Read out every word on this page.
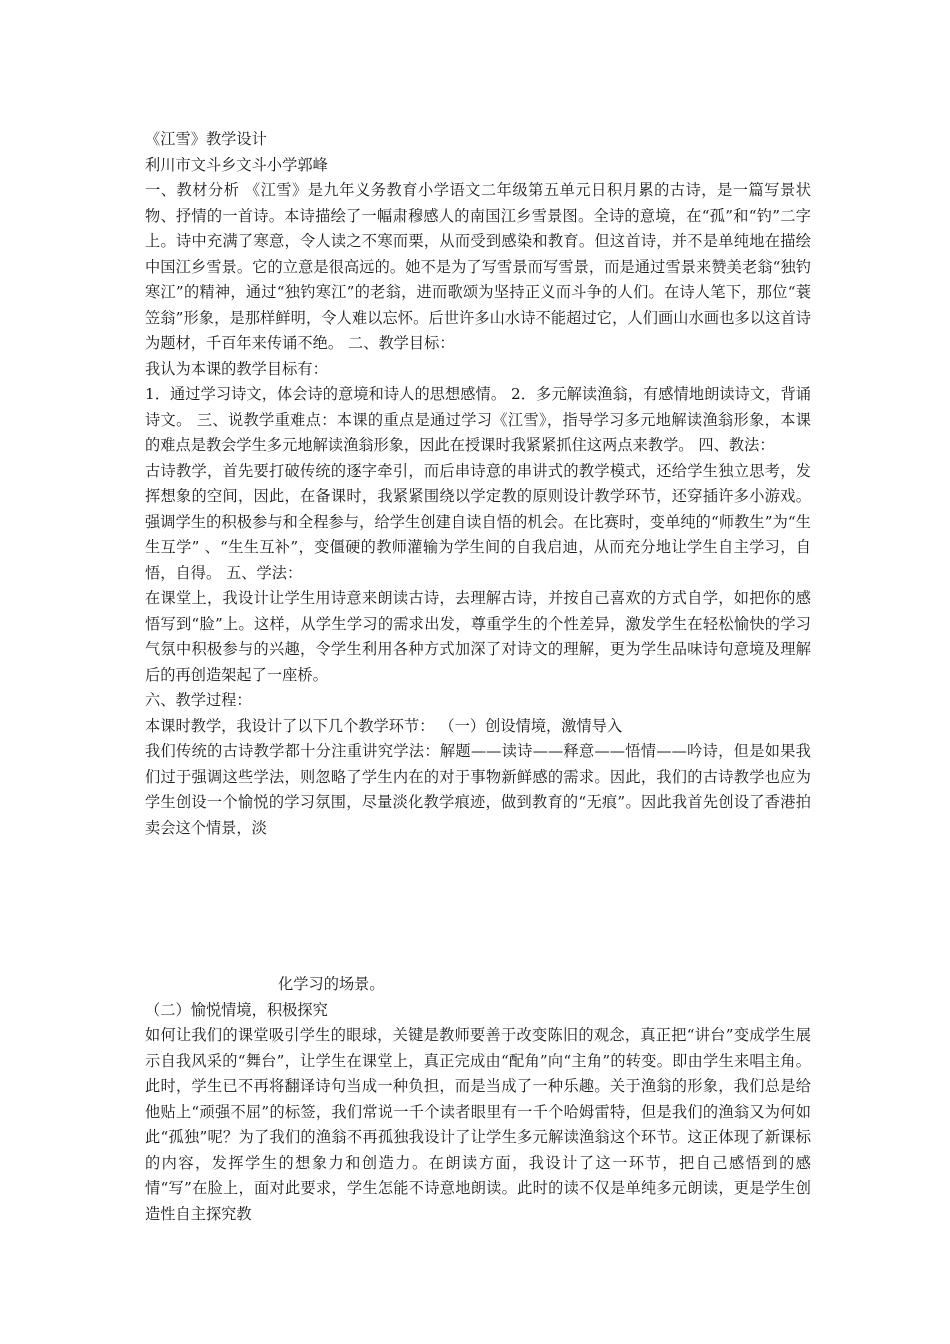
《江雪》教学设计
利川市文斗乡文斗小学郭峰
一、教材分析 《江雪》是九年义务教育小学语文二年级第五单元日积月累的古诗，是一篇写景状物、抒情的一首诗。本诗描绘了一幅肃穆感人的南国江乡雪景图。全诗的意境，在“孤”和“钓”二字上。诗中充满了寒意，令人读之不寒而栗，从而受到感染和教育。但这首诗，并不是单纯地在描绘中国江乡雪景。它的立意是很高远的。她不是为了写雪景而写雪景，而是通过雪景来赞美老翁“独钓寒江”的精神，通过“独钓寒江”的老翁，进而歌颂为坚持正义而斗争的人们。在诗人笔下，那位“蓑笠翁”形象，是那样鲜明，令人难以忘怀。后世许多山水诗不能超过它，人们画山水画也多以这首诗为题材，千百年来传诵不绝。 二、教学目标：
我认为本课的教学目标有：
1．通过学习诗文，体会诗的意境和诗人的思想感情。 2．多元解读渔翁，有感情地朗读诗文，背诵诗文。 三、说教学重难点：本课的重点是通过学习《江雪》，指导学习多元地解读渔翁形象，本课的难点是教会学生多元地解读渔翁形象，因此在授课时我紧紧抓住这两点来教学。 四、教法：
古诗教学，首先要打破传统的逐字牵引，而后串诗意的串讲式的教学模式，还给学生独立思考，发挥想象的空间，因此，在备课时，我紧紧围绕以学定教的原则设计教学环节，还穿插许多小游戏。强调学生的积极参与和全程参与，给学生创建自读自悟的机会。在比赛时，变单纯的“师教生”为“生生互学” 、“生生互补”，变僵硬的教师灌输为学生间的自我启迪，从而充分地让学生自主学习，自悟，自得。 五、学法：
在课堂上，我设计让学生用诗意来朗读古诗，去理解古诗，并按自己喜欢的方式自学，如把你的感悟写到“脸”上。这样，从学生学习的需求出发，尊重学生的个性差异，激发学生在轻松愉快的学习气氛中积极参与的兴趣，令学生利用各种方式加深了对诗文的理解，更为学生品味诗句意境及理解后的再创造架起了一座桥。
六、教学过程：
本课时教学，我设计了以下几个教学环节： （一）创设情境，激情导入
我们传统的古诗教学都十分注重讲究学法：解题——读诗——释意——悟情——吟诗，但是如果我们过于强调这些学法，则忽略了学生内在的对于事物新鲜感的需求。因此，我们的古诗教学也应为学生创设一个愉悦的学习氛围，尽量淡化教学痕迹，做到教育的“无痕”。因此我首先创设了香港拍卖会这个情景，淡
化学习的场景。
（二）愉悦情境，积极探究
如何让我们的课堂吸引学生的眼球，关键是教师要善于改变陈旧的观念，真正把“讲台”变成学生展示自我风采的“舞台”，让学生在课堂上，真正完成由“配角”向“主角”的转变。即由学生来唱主角。此时，学生已不再将翻译诗句当成一种负担，而是当成了一种乐趣。关于渔翁的形象，我们总是给他贴上“顽强不屈”的标签，我们常说一千个读者眼里有一千个哈姆雷特，但是我们的渔翁又为何如此“孤独”呢？为了我们的渔翁不再孤独我设计了让学生多元解读渔翁这个环节。这正体现了新课标的内容，发挥学生的想象力和创造力。在朗读方面，我设计了这一环节，把自己感悟到的感情“写”在脸上，面对此要求，学生怎能不诗意地朗读。此时的读不仅是单纯多元朗读，更是学生创造性自主探究教
